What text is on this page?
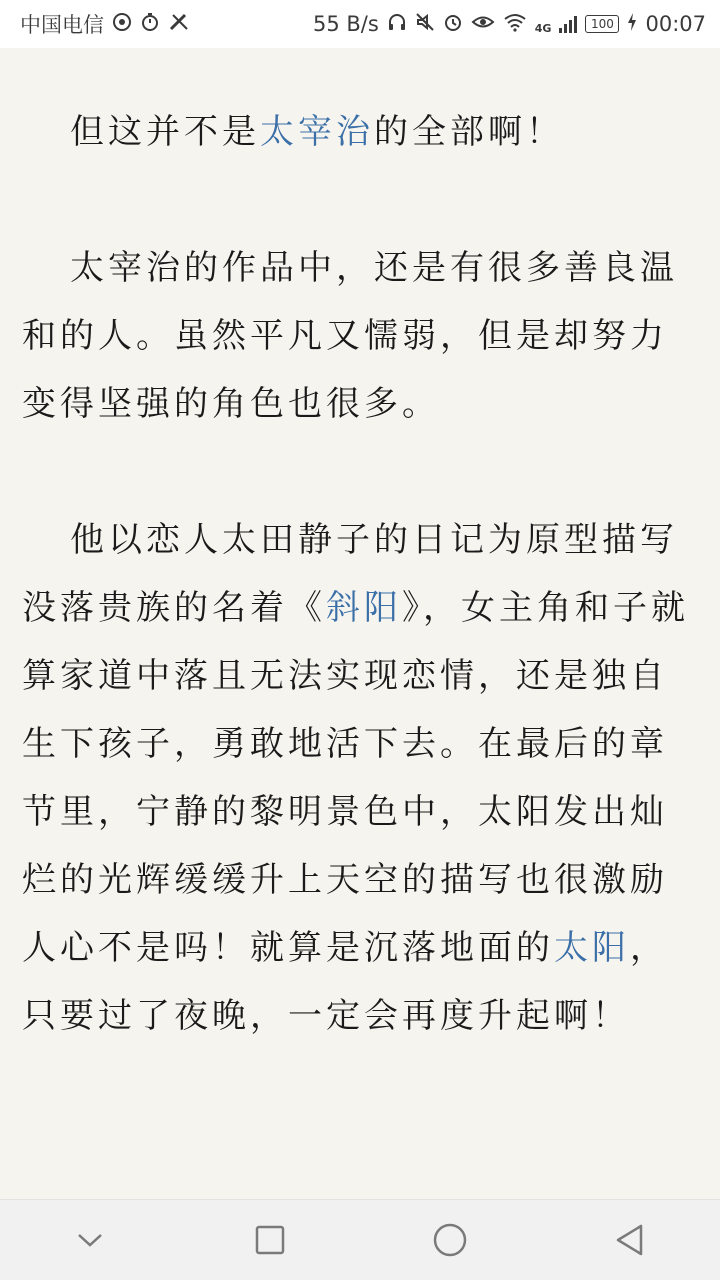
中国电信	55 B/s	4G	100 00:07

但这并不是太宰治的全部啊！

太宰治的作品中，还是有很多善良温和的人。虽然平凡又懦弱，但是却努力变得坚强的角色也很多。

他以恋人太田静子的日记为原型描写没落贵族的名着《斜阳》，女主角和子就算家道中落且无法实现恋情，还是独自生下孩子，勇敢地活下去。在最后的章节里，宁静的黎明景色中，太阳发出灿烂的光辉缓缓升上天空的描写也很激励人心不是吗！就算是沉落地面的太阳，只要过了夜晚，一定会再度升起啊！
